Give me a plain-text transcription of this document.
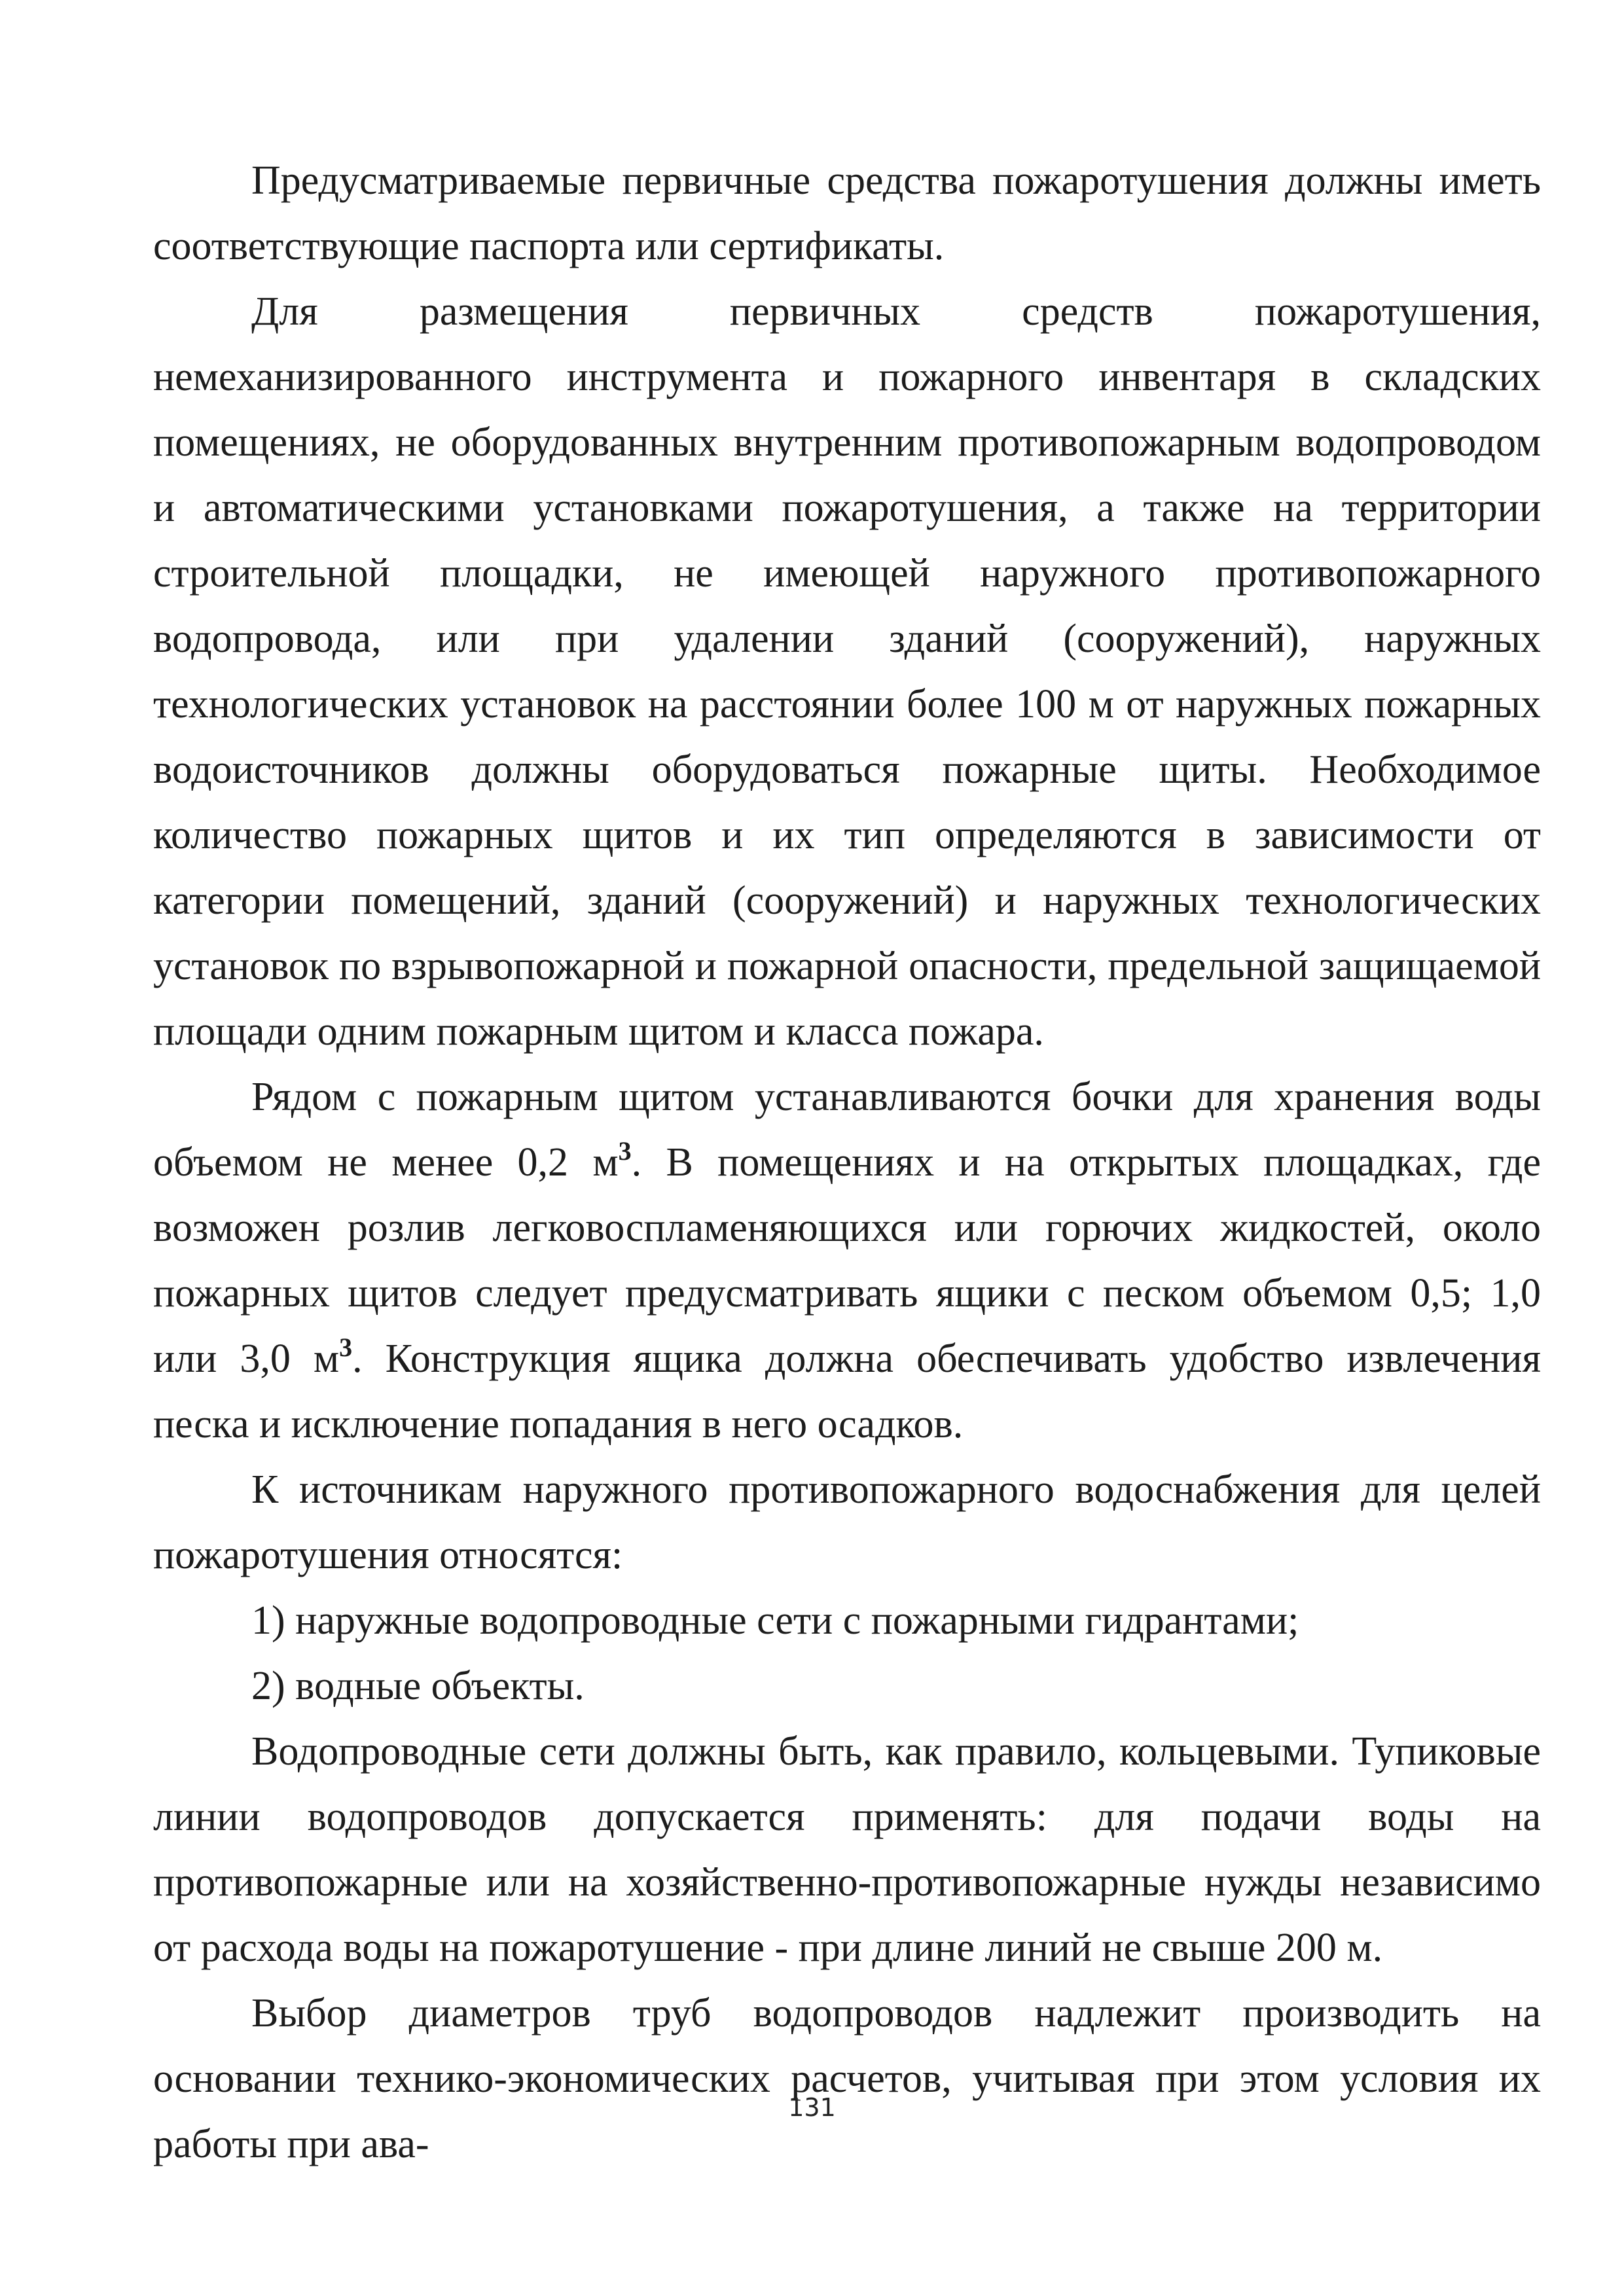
Предусматриваемые первичные средства пожаротушения должны иметь соответствующие паспорта или сертификаты.

Для размещения первичных средств пожаротушения, немеханизированного инструмента и пожарного инвентаря в складских помещениях, не оборудованных внутренним противопожарным водопроводом и автоматическими установками пожаротушения, а также на территории строительной площадки, не имеющей наружного противопожарного водопровода, или при удалении зданий (сооружений), наружных технологических установок на расстоянии более 100 м от наружных пожарных водоисточников должны оборудоваться пожарные щиты. Необходимое количество пожарных щитов и их тип определяются в зависимости от категории помещений, зданий (сооружений) и наружных технологических установок по взрывопожарной и пожарной опасности, предельной защищаемой площади одним пожарным щитом и класса пожара.

Рядом с пожарным щитом устанавливаются бочки для хранения воды объемом не менее 0,2 $м^3$. В помещениях и на открытых площадках, где возможен розлив легковоспламеняющихся или горючих жидкостей, около пожарных щитов следует предусматривать ящики с песком объемом 0,5; 1,0 или 3,0 $м^3$. Конструкция ящика должна обеспечивать удобство извлечения песка и исключение попадания в него осадков.

К источникам наружного противопожарного водоснабжения для целей пожаротушения относятся:

1) наружные водопроводные сети с пожарными гидрантами;

2) водные объекты.

Водопроводные сети должны быть, как правило, кольцевыми. Тупиковые линии водопроводов допускается применять: для подачи воды на противопожарные или на хозяйственно-противопожарные нужды независимо от расхода воды на пожаротушение - при длине линий не свыше 200 м.

Выбор диаметров труб водопроводов надлежит производить на основании технико-экономических расчетов, учитывая при этом условия их работы при ава-

131
